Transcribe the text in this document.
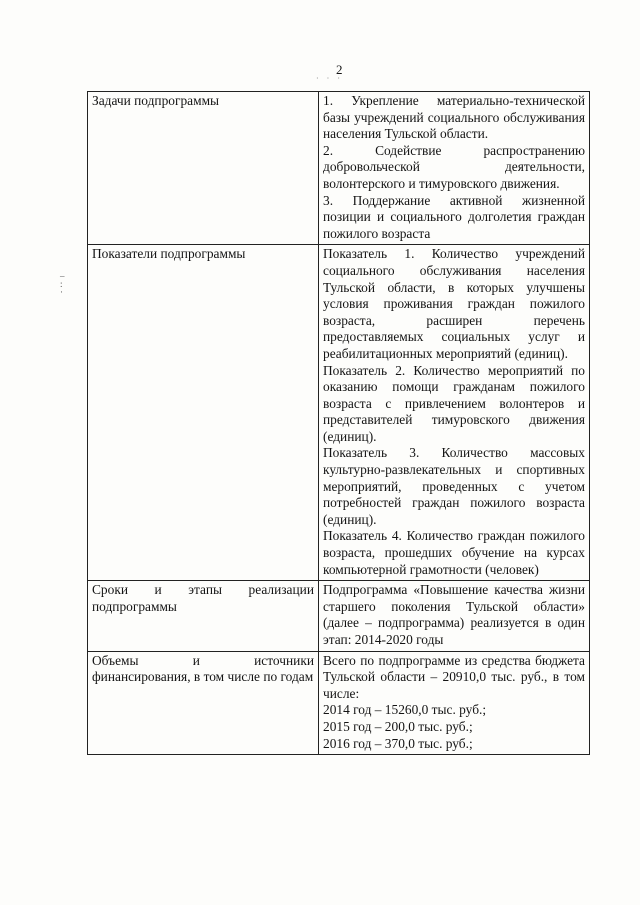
· · ·
2
–
:
·
Задачи подпрограммы	1. Укрепление материально-технической базы учреждений социального обслуживания населения Тульской области.

2. Содействие распространению добровольческой деятельности, волонтерского и тимуровского движения.

3. Поддержание активной жизненной позиции и социального долголетия граждан пожилого возраста

Показатели подпрограммы	Показатель 1. Количество учреждений социального обслуживания населения Тульской области, в которых улучшены условия проживания граждан пожилого возраста, расширен перечень предоставляемых социальных услуг и реабилитационных мероприятий (единиц).

Показатель 2. Количество мероприятий по оказанию помощи гражданам пожилого возраста с привлечением волонтеров и представителей тимуровского движения (единиц).

Показатель 3. Количество массовых культурно-развлекательных и спортивных мероприятий, проведенных с учетом потребностей граждан пожилого возраста (единиц).

Показатель 4. Количество граждан пожилого возраста, прошедших обучение на курсах компьютерной грамотности (человек)

Сроки и этапы реализации подпрограммы	Подпрограмма «Повышение качества жизни старшего поколения Тульской области» (далее – подпрограмма) реализуется в один этап: 2014-2020 годы

Объемы и источники финансирования, в том числе по годам	Всего по подпрограмме из средства бюджета Тульской области – 20910,0 тыс. руб., в том числе:

2014 год – 15260,0 тыс. руб.;

2015 год – 200,0 тыс. руб.;

2016 год – 370,0 тыс. руб.;
